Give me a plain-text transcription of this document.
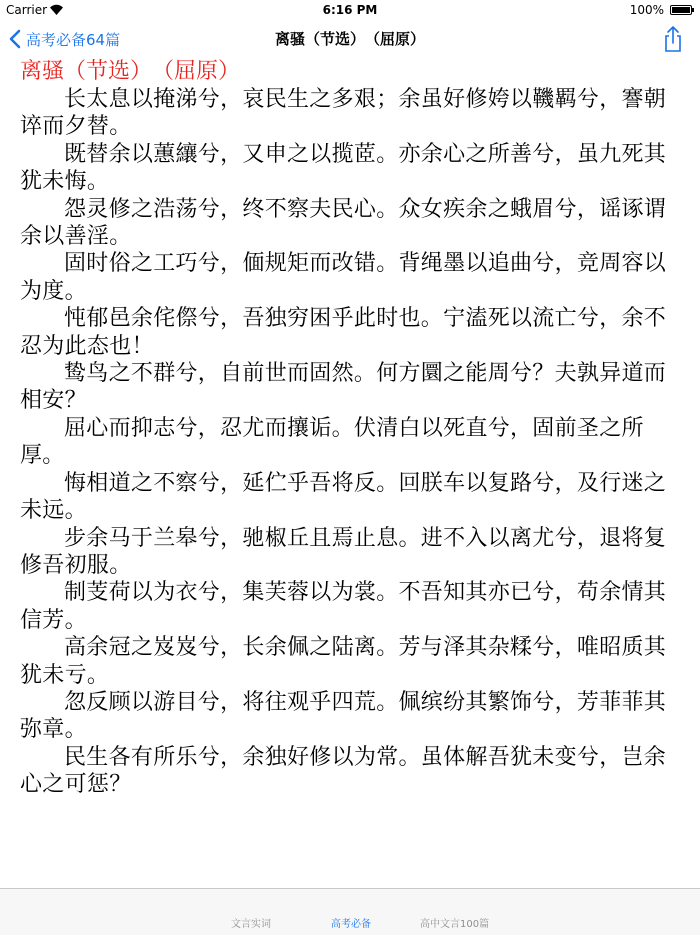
Carrier	6:16 PM	100%
高考必备64篇	离骚（节选）　（屈原）

离骚（节选）　（屈原）

长太息以掩涕兮，哀民生之多艰；余虽好修姱以鞿羁兮，謇朝谇而夕替。

既替余以蕙纕兮，又申之以揽茝。亦余心之所善兮，虽九死其犹未悔。

怨灵修之浩荡兮，终不察夫民心。众女疾余之蛾眉兮，谣诼谓余以善淫。

固时俗之工巧兮，偭规矩而改错。背绳墨以追曲兮，竞周容以为度。

忳郁邑余侘傺兮，吾独穷困乎此时也。宁溘死以流亡兮，余不忍为此态也！

鸷鸟之不群兮，自前世而固然。何方圜之能周兮？夫孰异道而相安？

屈心而抑志兮，忍尤而攘诟。伏清白以死直兮，固前圣之所厚。

悔相道之不察兮，延伫乎吾将反。回朕车以复路兮，及行迷之未远。

步余马于兰皋兮，驰椒丘且焉止息。进不入以离尤兮，退将复修吾初服。

制芰荷以为衣兮，集芙蓉以为裳。不吾知其亦已兮，苟余情其信芳。

高余冠之岌岌兮，长余佩之陆离。芳与泽其杂糅兮，唯昭质其犹未亏。

忽反顾以游目兮，将往观乎四荒。佩缤纷其繁饰兮，芳菲菲其弥章。

民生各有所乐兮，余独好修以为常。虽体解吾犹未变兮，岂余心之可惩？

文言实词	高考必备	高中文言100篇
